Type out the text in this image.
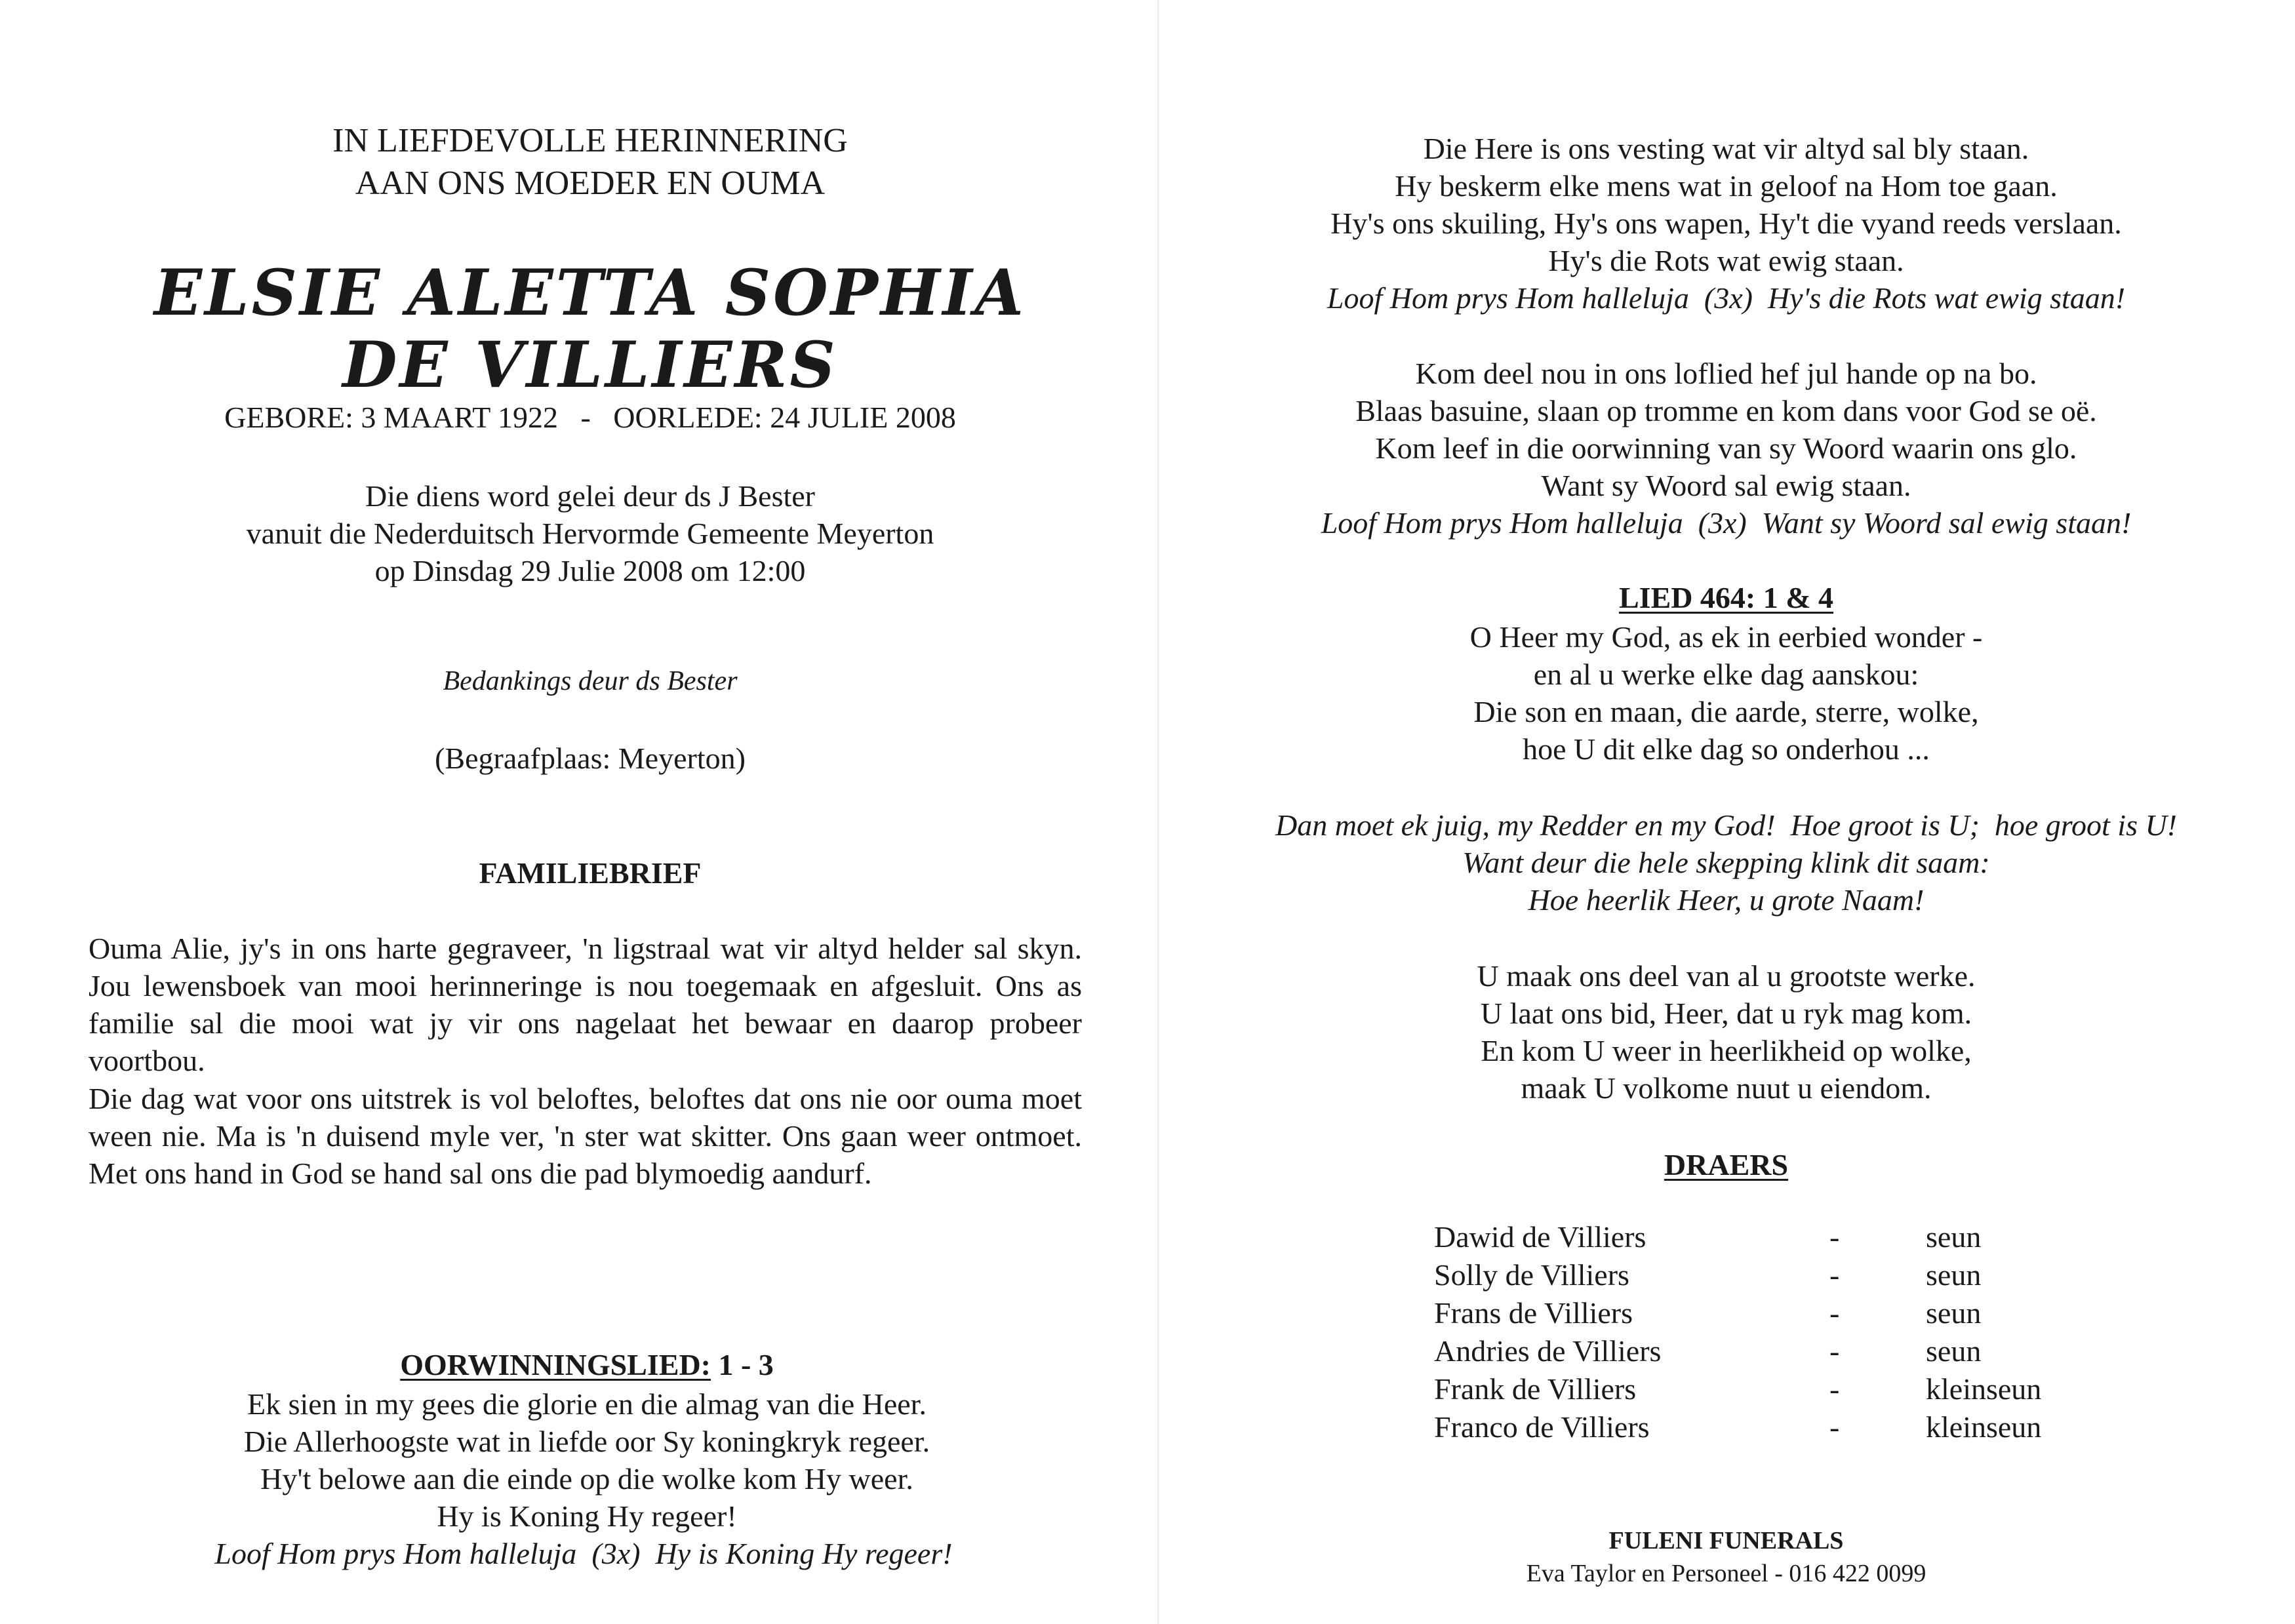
IN LIEFDEVOLLE HERINNERING
AAN ONS MOEDER EN OUMA
ELSIE ALETTA SOPHIA
DE VILLIERS
GEBORE: 3 MAART 1922   -   OORLEDE: 24 JULIE 2008
Die diens word gelei deur ds J Bester
vanuit die Nederduitsch Hervormde Gemeente Meyerton
op Dinsdag 29 Julie 2008 om 12:00
Bedankings deur ds Bester
(Begraafplaas: Meyerton)
FAMILIEBRIEF
Ouma Alie, jy's in ons harte gegraveer, 'n ligstraal wat vir altyd helder sal skyn. Jou lewensboek van mooi herinneringe is nou toegemaak en afgesluit. Ons as familie sal die mooi wat jy vir ons nagelaat het bewaar en daarop probeer voortbou.
Die dag wat voor ons uitstrek is vol beloftes, beloftes dat ons nie oor ouma moet ween nie. Ma is 'n duisend myle ver, 'n ster wat skitter. Ons gaan weer ontmoet. Met ons hand in God se hand sal ons die pad blymoedig aandurf.
OORWINNINGSLIED: 1 - 3
Ek sien in my gees die glorie en die almag van die Heer.
Die Allerhoogste wat in liefde oor Sy koningkryk regeer.
Hy't belowe aan die einde op die wolke kom Hy weer.
Hy is Koning Hy regeer!
Loof Hom prys Hom halleluja  (3x)  Hy is Koning Hy regeer!
Die Here is ons vesting wat vir altyd sal bly staan.
Hy beskerm elke mens wat in geloof na Hom toe gaan.
Hy's ons skuiling, Hy's ons wapen, Hy't die vyand reeds verslaan.
Hy's die Rots wat ewig staan.
Loof Hom prys Hom halleluja  (3x)  Hy's die Rots wat ewig staan!
Kom deel nou in ons loflied hef jul hande op na bo.
Blaas basuine, slaan op tromme en kom dans voor God se oë.
Kom leef in die oorwinning van sy Woord waarin ons glo.
Want sy Woord sal ewig staan.
Loof Hom prys Hom halleluja  (3x)  Want sy Woord sal ewig staan!
LIED 464: 1 & 4
O Heer my God, as ek in eerbied wonder -
en al u werke elke dag aanskou:
Die son en maan, die aarde, sterre, wolke,
hoe U dit elke dag so onderhou ...
Dan moet ek juig, my Redder en my God!  Hoe groot is U;  hoe groot is U!
Want deur die hele skepping klink dit saam:
Hoe heerlik Heer, u grote Naam!
U maak ons deel van al u grootste werke.
U laat ons bid, Heer, dat u ryk mag kom.
En kom U weer in heerlikheid op wolke,
maak U volkome nuut u eiendom.
DRAERS
Dawid de Villiers	-	seun
Solly de Villiers	-	seun
Frans de Villiers	-	seun
Andries de Villiers	-	seun
Frank de Villiers	-	kleinseun
Franco de Villiers	-	kleinseun
FULENI FUNERALS
Eva Taylor en Personeel - 016 422 0099
